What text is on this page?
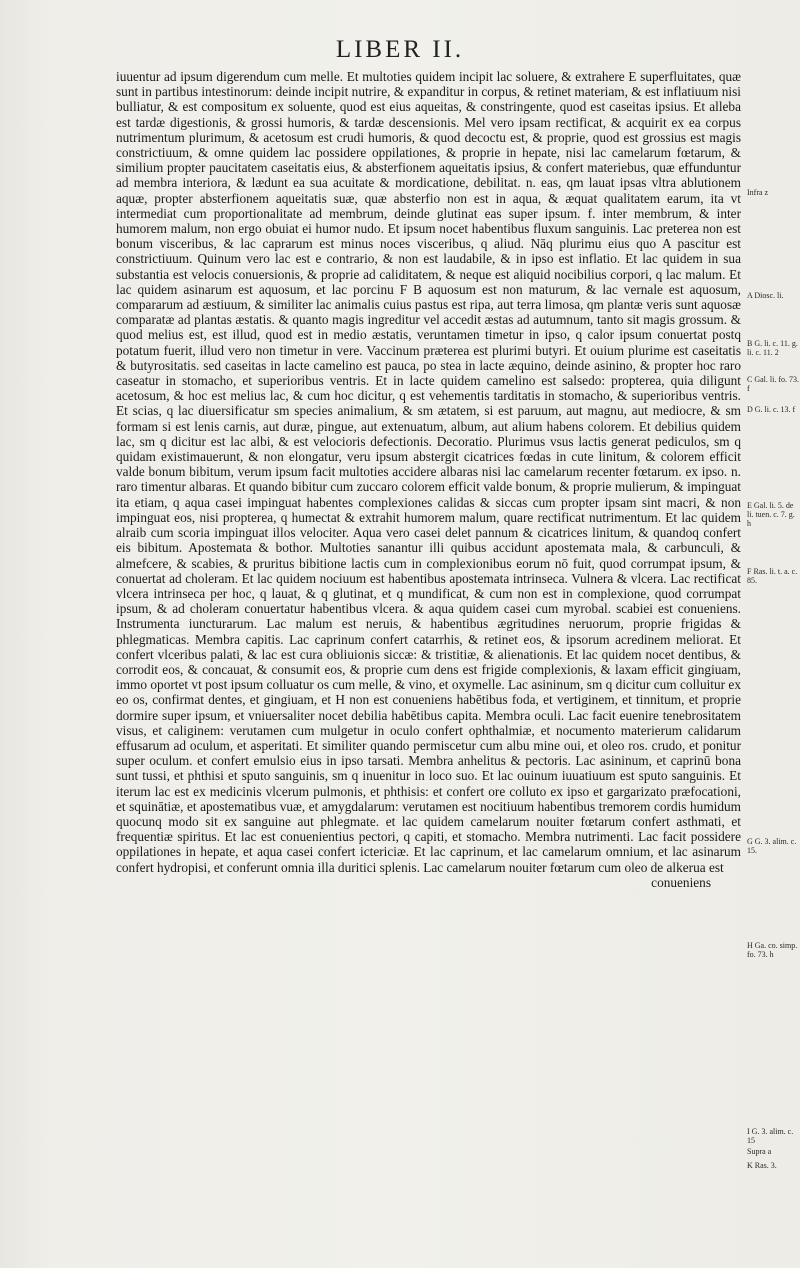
LIBER II.

iuuentur ad ipsum digerendum cum melle. Et multoties quidem incipit lac soluere, & extrahere E superfluitates, quæ sunt in partibus intestinorum: deinde incipit nutrire, & expanditur in corpus, & retinet materiam, & est inflatiuum nisi bulliatur, & est compositum ex soluente, quod est eius aqueitas, & constringente, quod est caseitas ipsius. Et alleba est tardæ digestionis, & grossi humoris, & tardæ descensionis. Mel vero ipsam rectificat, & acquirit ex ea corpus nutrimentum plurimum, & acetosum est crudi humoris, & quod decoctu est, & proprie, quod est grossius est magis constrictiuum, & omne quidem lac possidere oppilationes, & proprie in hepate, nisi lac camelarum fœtarum, & similium propter paucitatem caseitatis eius, & absterfionem aqueitatis ipsius, & confert materiebus, quæ effunduntur ad membra interiora, & lædunt ea sua acuitate & mordicatione, debilitat. n. eas, qm lauat ipsas vltra ablutionem aquæ, propter absterfionem aqueitatis suæ, quæ absterfio non est in aqua, & æquat qualitatem earum, ita vt intermediat cum proportionalitate ad membrum, deinde glutinat eas super ipsum. f. inter membrum, & inter humorem malum, non ergo obuiat ei humor nudo. Et ipsum nocet habentibus fluxum sanguinis. Lac preterea non est bonum visceribus, & lac caprarum est minus noces visceribus, q aliud. Nāq plurimu eius quo A pascitur est constrictiuum. Quinum vero lac est e contrario, & non est laudabile, & in ipso est inflatio. Et lac quidem in sua substantia est velocis conuersionis, & proprie ad caliditatem, & neque est aliquid nocibilius corpori, q lac malum. Et lac quidem asinarum est aquosum, et lac porcinu F B aquosum est non maturum, & lac vernale est aquosum, compararum ad æstiuum, & similiter lac animalis cuius pastus est ripa, aut terra limosa, qm plantæ veris sunt aquosæ comparatæ ad plantas æstatis. & quanto magis ingreditur vel accedit æstas ad autumnum, tanto sit magis grossum. & quod melius est, est illud, quod est in medio æstatis, veruntamen timetur in ipso, q calor ipsum conuertat postq potatum fuerit, illud vero non timetur in vere. Vaccinum præterea est plurimi butyri. Et ouium plurime est caseitatis & butyrositatis. sed caseitas in lacte camelino est pauca, po stea in lacte æquino, deinde asinino, & propter hoc raro caseatur in stomacho, et superioribus ventris. Et in lacte quidem camelino est salsedo: propterea, quia diligunt acetosum, & hoc est melius lac, & cum hoc dicitur, q est vehementis tarditatis in stomacho, & superioribus ventris. Et scias, q lac diuersificatur sm species animalium, & sm ætatem, si est paruum, aut magnu, aut mediocre, & sm formam si est lenis carnis, aut duræ, pingue, aut extenuatum, album, aut alium habens colorem. Et debilius quidem lac, sm q dicitur est lac albi, & est velocioris defectionis. Decoratio. Plurimus vsus lactis generat pediculos, sm q quidam existimauerunt, & non elongatur, veru ipsum abstergit cicatrices fœdas in cute linitum, & colorem efficit valde bonum bibitum, verum ipsum facit multoties accidere albaras nisi lac camelarum recenter fœtarum. ex ipso. n. raro timentur albaras. Et quando bibitur cum zuccaro colorem efficit valde bonum, & proprie mulierum, & impinguat ita etiam, q aqua casei impinguat habentes complexiones calidas & siccas cum propter ipsam sint macri, & non impinguat eos, nisi propterea, q humectat & extrahit humorem malum, quare rectificat nutrimentum. Et lac quidem alraib cum scoria impinguat illos velociter. Aqua vero casei delet pannum & cicatrices linitum, & quandoq confert eis bibitum. Apostemata & bothor. Multoties sanantur illi quibus accidunt apostemata mala, & carbunculi, & almefcere, & scabies, & pruritus bibitione lactis cum in complexionibus eorum nō fuit, quod corrumpat ipsum, & conuertat ad choleram. Et lac quidem nociuum est habentibus apostemata intrinseca. Vulnera & vlcera. Lac rectificat vlcera intrinseca per hoc, q lauat, & q glutinat, et q mundificat, & cum non est in complexione, quod corrumpat ipsum, & ad choleram conuertatur habentibus vlcera. & aqua quidem casei cum myrobal. scabiei est conueniens. Instrumenta iuncturarum. Lac malum est neruis, & habentibus ægritudines neruorum, proprie frigidas & phlegmaticas. Membra capitis. Lac caprinum confert catarrhis, & retinet eos, & ipsorum acredinem meliorat. Et confert vlceribus palati, & lac est cura obliuionis siccæ: & tristitiæ, & alienationis. Et lac quidem nocet dentibus, & corrodit eos, & concauat, & consumit eos, & proprie cum dens est frigide complexionis, & laxam efficit gingiuam, immo oportet vt post ipsum colluatur os cum melle, & vino, et oxymelle. Lac asininum, sm q dicitur cum colluitur ex eo os, confirmat dentes, et gingiuam, et H non est conueniens habētibus foda, et vertiginem, et tinnitum, et proprie dormire super ipsum, et vniuersaliter nocet debilia habētibus capita. Membra oculi. Lac facit euenire tenebrositatem visus, et caliginem: verutamen cum mulgetur in oculo confert ophthalmiæ, et nocumento materierum calidarum effusarum ad oculum, et asperitati. Et similiter quando permiscetur cum albu mine oui, et oleo ros. crudo, et ponitur super oculum. et confert emulsio eius in ipso tarsati. Membra anhelitus & pectoris. Lac asininum, et caprinū bona sunt tussi, et phthisi et sputo sanguinis, sm q inuenitur in loco suo. Et lac ouinum iuuatiuum est sputo sanguinis. Et iterum lac est ex medicinis vlcerum pulmonis, et phthisis: et confert ore colluto ex ipso et gargarizato præfocationi, et squinātiæ, et apostematibus vuæ, et amygdalarum: verutamen est nocitiuum habentibus tremorem cordis humidum quocunq modo sit ex sanguine aut phlegmate. et lac quidem camelarum nouiter fœtarum confert asthmati, et frequentiæ spiritus. Et lac est conuenientius pectori, q capiti, et stomacho. Membra nutrimenti. Lac facit possidere oppilationes in hepate, et aqua casei confert ictericiæ. Et lac caprinum, et lac camelarum omnium, et lac asinarum confert hydropisi, et conferunt omnia illa duritici splenis. Lac camelarum nouiter fœtarum cum oleo de alkerua est

conueniens

Infra z
A Diosc. li.
B G. li. c. 11. g. li. c. 11. 2
C Gal. li. fo. 73. f
D G. li. c. 13. f
E Gal. li. 5. de li. tuen. c. 7. g. h
F Ras. li. t. a. c. 85.
G G. 3. alim. c. 15.
H Ga. co. simp. fo. 73. h
I G. 3. alim. c. 15
Supra a
K Ras. 3.
